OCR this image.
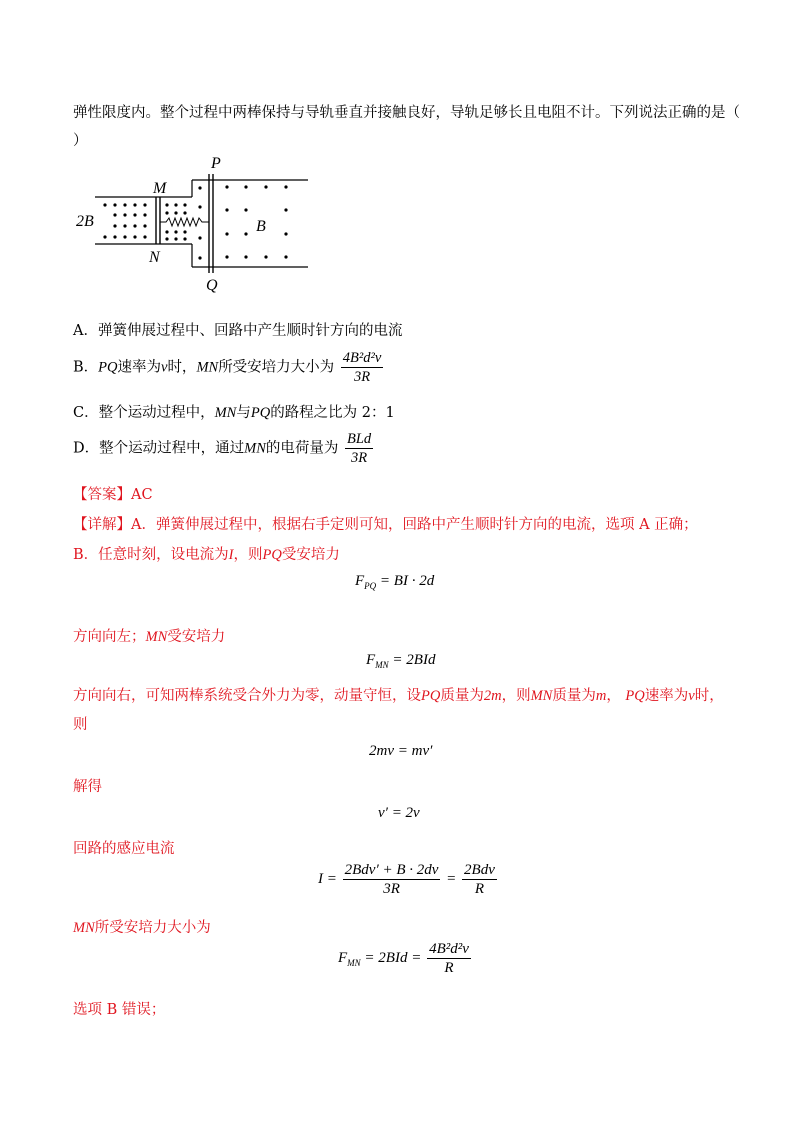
弹性限度内。整个过程中两棒保持与导轨垂直并接触良好，导轨足够长且电阻不计。下列说法正确的是（
）
P
Q
M
N
2B	B
A．弹簧伸展过程中、回路中产生顺时针方向的电流
B．PQ速率为v时，MN所受安培力大小为 $\frac{\text{4B²d²v}}{3R}$
C．整个运动过程中，MN与PQ的路程之比为 2：1
D．整个运动过程中，通过MN的电荷量为 $\frac{\text{BLd}}{3R}$
【答案】AC
【详解】A．弹簧伸展过程中，根据右手定则可知，回路中产生顺时针方向的电流，选项 A 正确；
B．任意时刻，设电流为I，则PQ受安培力
$F_{PQ}$ = BI · 2d
方向向左；MN受安培力
$F_{MN} = 2BId$
方向向右，可知两棒系统受合外力为零，动量守恒，设PQ质量为2m，则MN质量为m， PQ速率为v时，
则
2mv = mv′
解得
v′ = 2v
回路的感应电流
$I = \frac{\text{2Bdv′ + B · 2dv}}{3R} = \frac{\text{2Bdv}}{R}$
MN所受安培力大小为
$F_{MN} = 2BId = \frac{\text{4B²d²v}}{R}$
选项 B 错误；
